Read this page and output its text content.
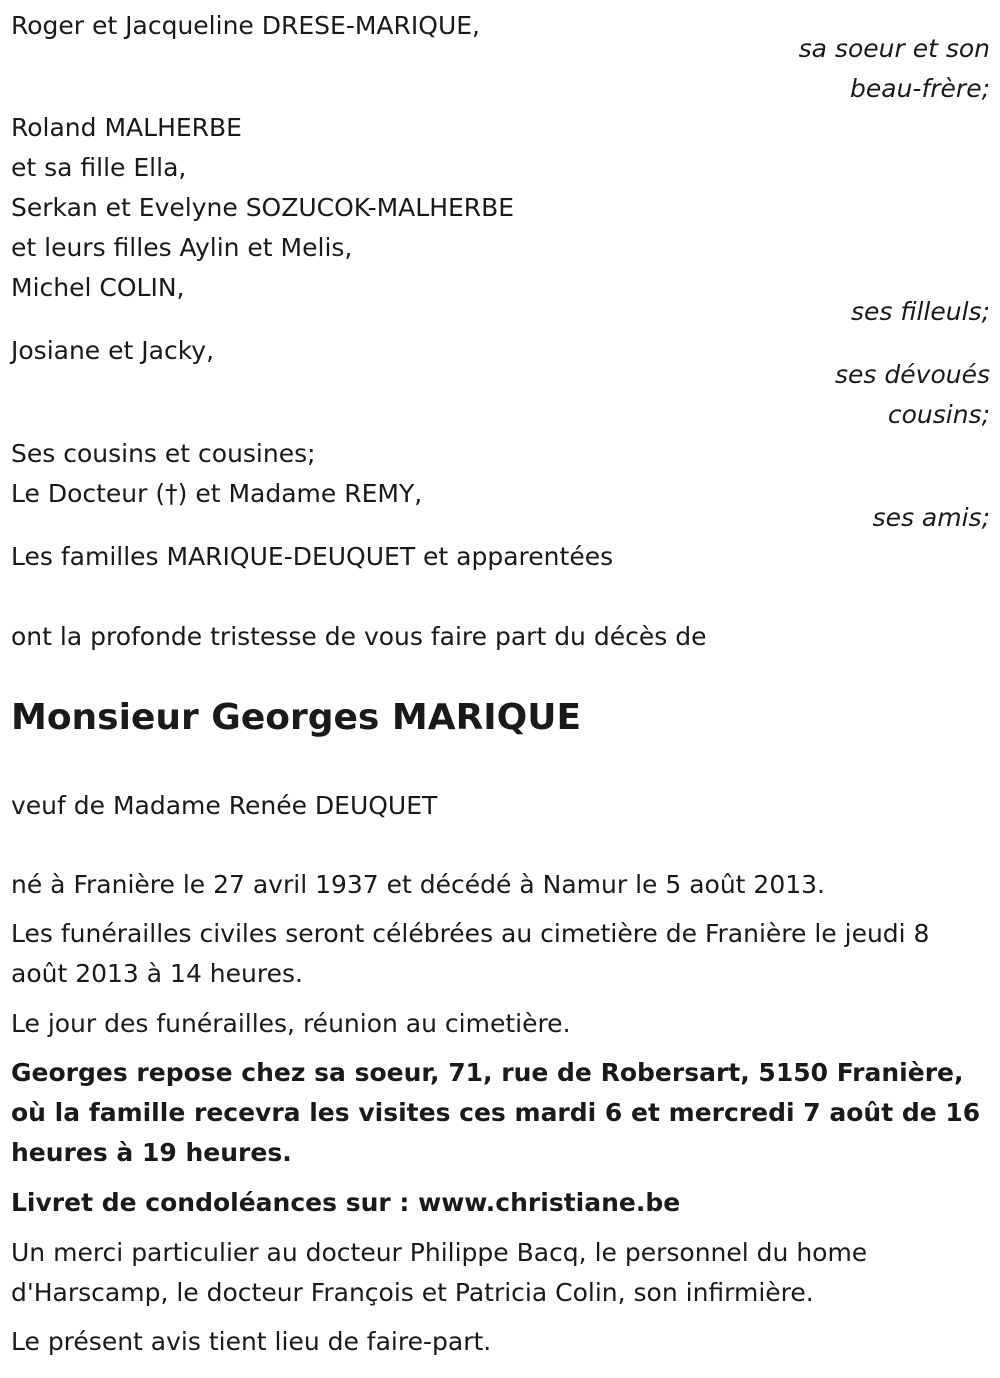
Roger et Jacqueline DRESE-MARIQUE,
sa soeur et son
beau-frère;
Roland MALHERBE
et sa fille Ella,
Serkan et Evelyne SOZUCOK-MALHERBE
et leurs filles Aylin et Melis,
Michel COLIN,
ses filleuls;
Josiane et Jacky,
ses dévoués
cousins;
Ses cousins et cousines;
Le Docteur (†) et Madame REMY,
ses amis;
Les familles MARIQUE-DEUQUET et apparentées
ont la profonde tristesse de vous faire part du décès de
Monsieur Georges MARIQUE
veuf de Madame Renée DEUQUET
né à Franière le 27 avril 1937 et décédé à Namur le 5 août 2013.
Les funérailles civiles seront célébrées au cimetière de Franière le jeudi 8 août 2013 à 14 heures.
Le jour des funérailles, réunion au cimetière.
Georges repose chez sa soeur, 71, rue de Robersart, 5150 Franière, où la famille recevra les visites ces mardi 6 et mercredi 7 août de 16 heures à 19 heures.
Livret de condoléances sur : www.christiane.be
Un merci particulier au docteur Philippe Bacq, le personnel du home d'Harscamp, le docteur François et Patricia Colin, son infirmière.
Le présent avis tient lieu de faire-part.
